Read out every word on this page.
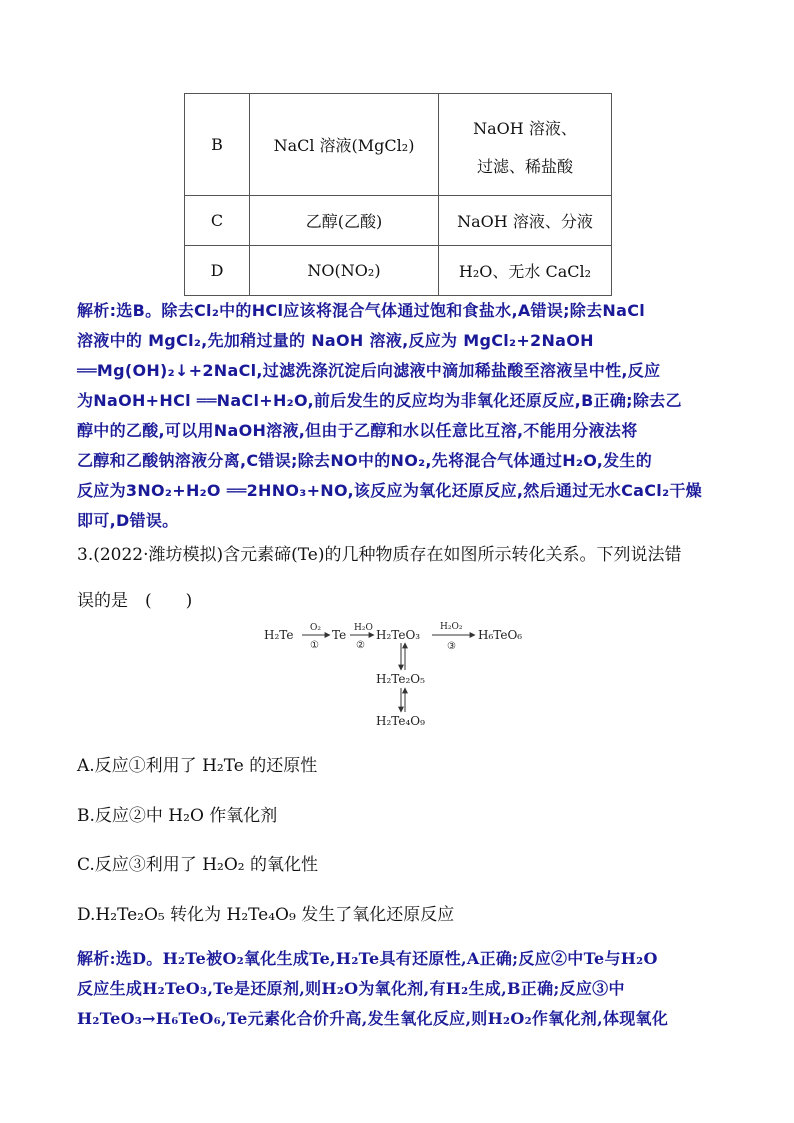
B	NaCl 溶液(MgCl₂)	NaOH 溶液、
过滤、稀盐酸

C	乙醇(乙酸)	NaOH 溶液、分液
D	NO(NO₂)	H₂O、无水 CaCl₂

解析:选B。除去Cl₂中的HCl应该将混合气体通过饱和食盐水,A错误;除去NaCl

溶液中的 MgCl₂,先加稍过量的 NaOH 溶液,反应为 MgCl₂+2NaOH

══Mg(OH)₂↓+2NaCl,过滤洗涤沉淀后向滤液中滴加稀盐酸至溶液呈中性,反应

为NaOH+HCl ══NaCl+H₂O,前后发生的反应均为非氧化还原反应,B正确;除去乙

醇中的乙酸,可以用NaOH溶液,但由于乙醇和水以任意比互溶,不能用分液法将

乙醇和乙酸钠溶液分离,C错误;除去NO中的NO₂,先将混合气体通过H₂O,发生的

反应为3NO₂+H₂O ══2HNO₃+NO,该反应为氧化还原反应,然后通过无水CaCl₂干燥

即可,D错误。

3.(2022·潍坊模拟)含元素碲(Te)的几种物质存在如图所示转化关系。下列说法错
误的是　(　　)
H₂Te O₂
①
Te H₂O
②
H₂TeO₃
H₂O₂
③
H₆TeO₆
H₂Te₂O₅
H₂Te₄O₉
A.反应①利用了 H₂Te 的还原性
B.反应②中 H₂O 作氧化剂
C.反应③利用了 H₂O₂ 的氧化性
D.H₂Te₂O₅ 转化为 H₂Te₄O₉ 发生了氧化还原反应

解析:选D。H₂Te被O₂氧化生成Te,H₂Te具有还原性,A正确;反应②中Te与H₂O

反应生成H₂TeO₃,Te是还原剂,则H₂O为氧化剂,有H₂生成,B正确;反应③中

H₂TeO₃→H₆TeO₆,Te元素化合价升高,发生氧化反应,则H₂O₂作氧化剂,体现氧化
